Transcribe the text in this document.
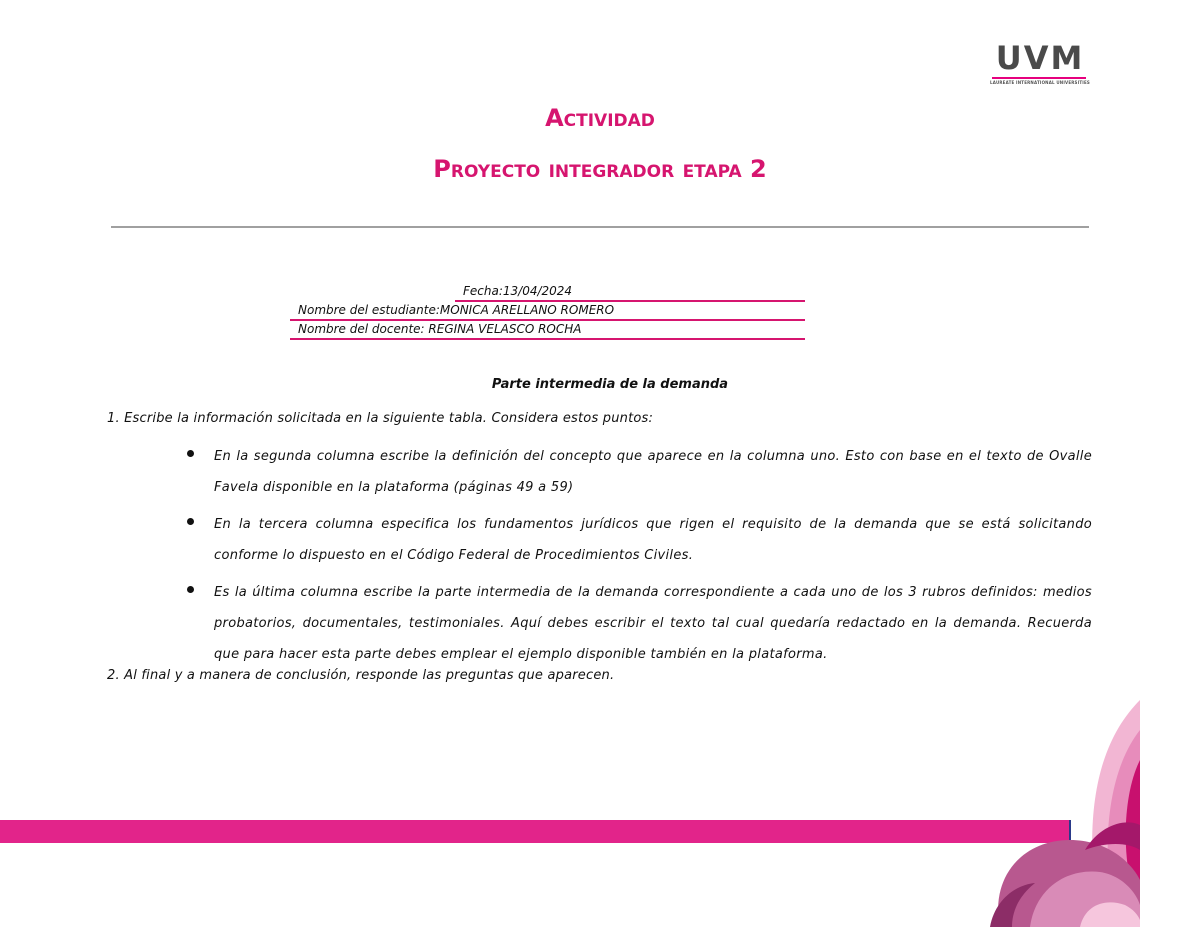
UVM
LAUREATE INTERNATIONAL UNIVERSITIES
Actividad
Proyecto integrador etapa 2
Fecha:13/04/2024
Nombre del estudiante:MONICA ARELLANO ROMERO
Nombre del docente: REGINA VELASCO ROCHA
Parte intermedia de la demanda
1. Escribe la información solicitada en la siguiente tabla. Considera estos puntos:
En la segunda columna escribe la definición del concepto que aparece en la columna uno. Esto con base en el texto de Ovalle Favela disponible en la plataforma (páginas 49 a 59)
En la tercera columna especifica los fundamentos jurídicos que rigen el requisito de la demanda que se está solicitando conforme lo dispuesto en el Código Federal de Procedimientos Civiles.
Es la última columna escribe la parte intermedia de la demanda correspondiente a cada uno de los 3 rubros definidos: medios probatorios, documentales, testimoniales. Aquí debes escribir el texto tal cual quedaría redactado en la demanda. Recuerda que para hacer esta parte debes emplear el ejemplo disponible también en la plataforma.
2. Al final y a manera de conclusión, responde las preguntas que aparecen.
